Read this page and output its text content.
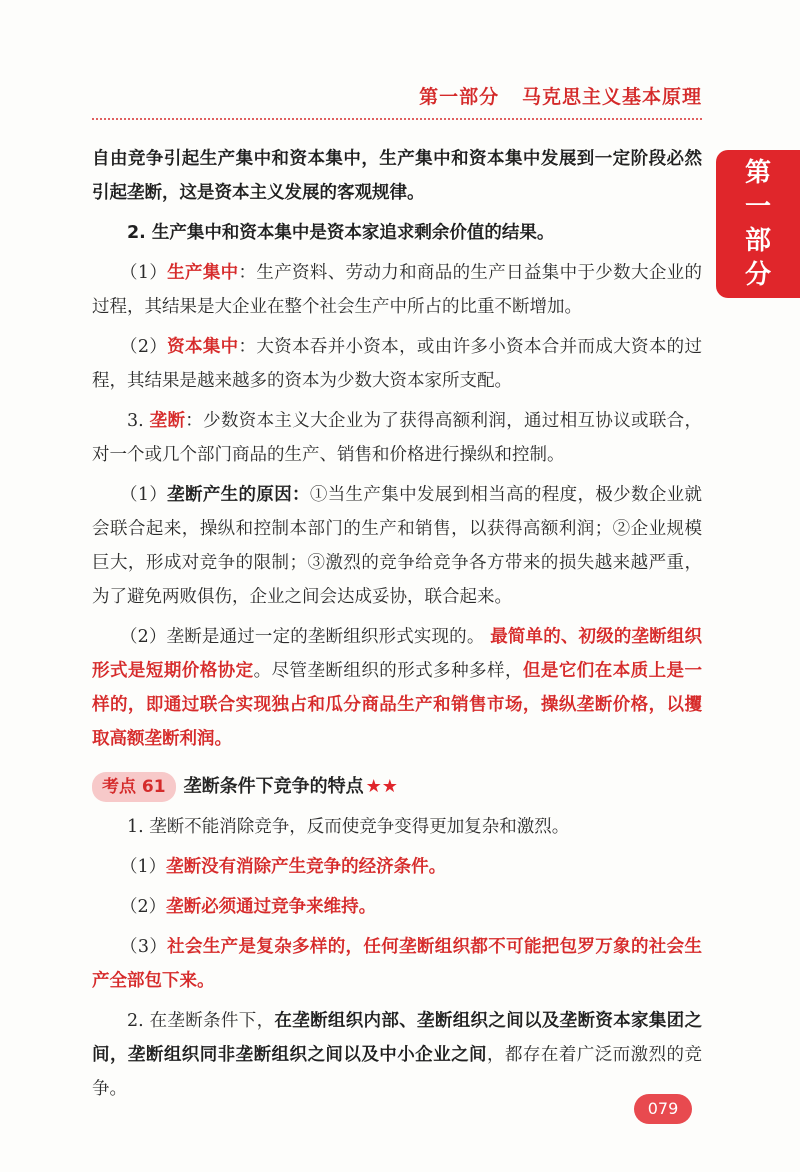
第一部分 马克思主义基本原理
第
一
部
分

自由竞争引起生产集中和资本集中，生产集中和资本集中发展到一定阶段必然引起垄断，这是资本主义发展的客观规律。

2. 生产集中和资本集中是资本家追求剩余价值的结果。

（1）生产集中：生产资料、劳动力和商品的生产日益集中于少数大企业的过程，其结果是大企业在整个社会生产中所占的比重不断增加。

（2）资本集中：大资本吞并小资本，或由许多小资本合并而成大资本的过程，其结果是越来越多的资本为少数大资本家所支配。

3. 垄断：少数资本主义大企业为了获得高额利润，通过相互协议或联合，对一个或几个部门商品的生产、销售和价格进行操纵和控制。

（1）垄断产生的原因：①当生产集中发展到相当高的程度，极少数企业就会联合起来，操纵和控制本部门的生产和销售，以获得高额利润；②企业规模巨大，形成对竞争的限制；③激烈的竞争给竞争各方带来的损失越来越严重，为了避免两败俱伤，企业之间会达成妥协，联合起来。

（2）垄断是通过一定的垄断组织形式实现的。 最简单的、初级的垄断组织形式是短期价格协定。尽管垄断组织的形式多种多样，但是它们在本质上是一样的，即通过联合实现独占和瓜分商品生产和销售市场，操纵垄断价格，以攫取高额垄断利润。

考点 61	垄断条件下竞争的特点 ★★

1. 垄断不能消除竞争，反而使竞争变得更加复杂和激烈。

（1）垄断没有消除产生竞争的经济条件。

（2）垄断必须通过竞争来维持。

（3）社会生产是复杂多样的，任何垄断组织都不可能把包罗万象的社会生产全部包下来。

2. 在垄断条件下，在垄断组织内部、垄断组织之间以及垄断资本家集团之间，垄断组织同非垄断组织之间以及中小企业之间，都存在着广泛而激烈的竞争。

079
